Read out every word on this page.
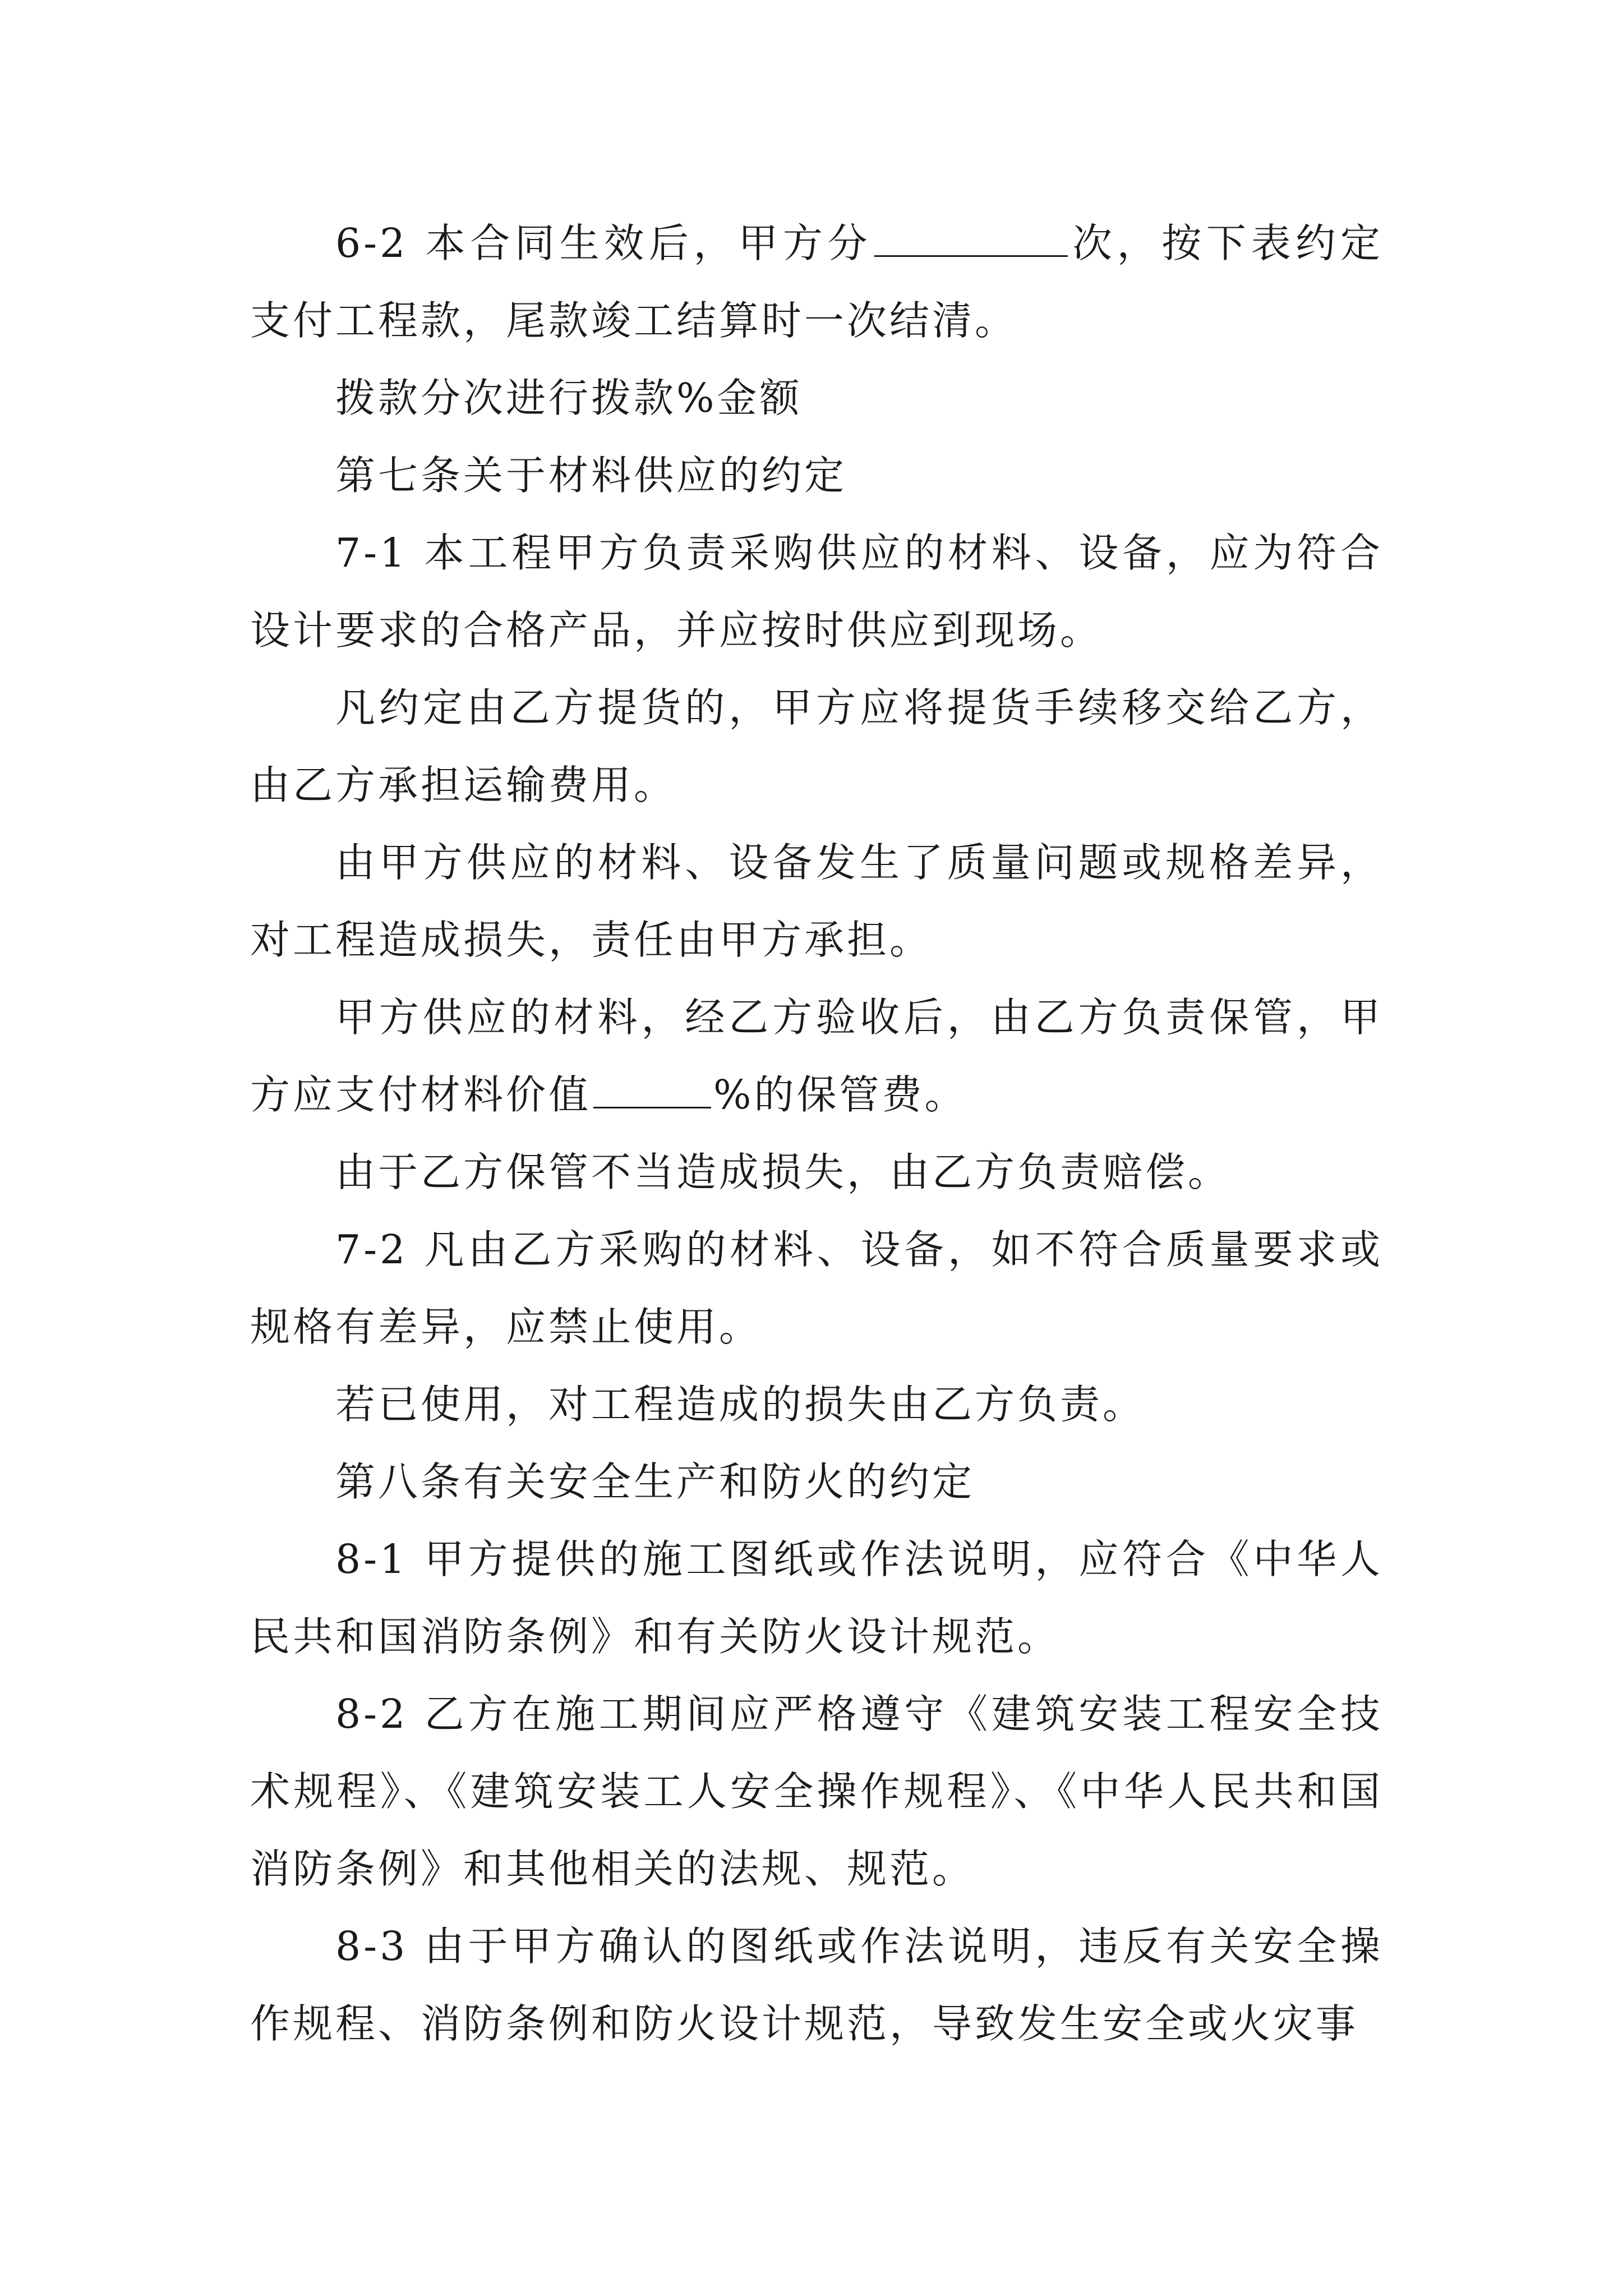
6-2 本合同生效后，甲方分	次，按下表约定支付工程款，尾款竣工结算时一次结清。

拨款分次进行拨款%金额

第七条关于材料供应的约定

7-1 本工程甲方负责采购供应的材料、设备，应为符合设计要求的合格产品，并应按时供应到现场。

凡约定由乙方提货的，甲方应将提货手续移交给乙方，由乙方承担运输费用。

由甲方供应的材料、设备发生了质量问题或规格差异，对工程造成损失，责任由甲方承担。

甲方供应的材料，经乙方验收后，由乙方负责保管，甲方应支付材料价值	%的保管费。

由于乙方保管不当造成损失，由乙方负责赔偿。

7-2 凡由乙方采购的材料、设备，如不符合质量要求或规格有差异，应禁止使用。

若已使用，对工程造成的损失由乙方负责。

第八条有关安全生产和防火的约定

8-1 甲方提供的施工图纸或作法说明，应符合《中华人民共和国消防条例》和有关防火设计规范。

8-2 乙方在施工期间应严格遵守《建筑安装工程安全技术规程》、《建筑安装工人安全操作规程》、《中华人民共和国消防条例》和其他相关的法规、规范。

8-3 由于甲方确认的图纸或作法说明，违反有关安全操作规程、消防条例和防火设计规范，导致发生安全或火灾事
